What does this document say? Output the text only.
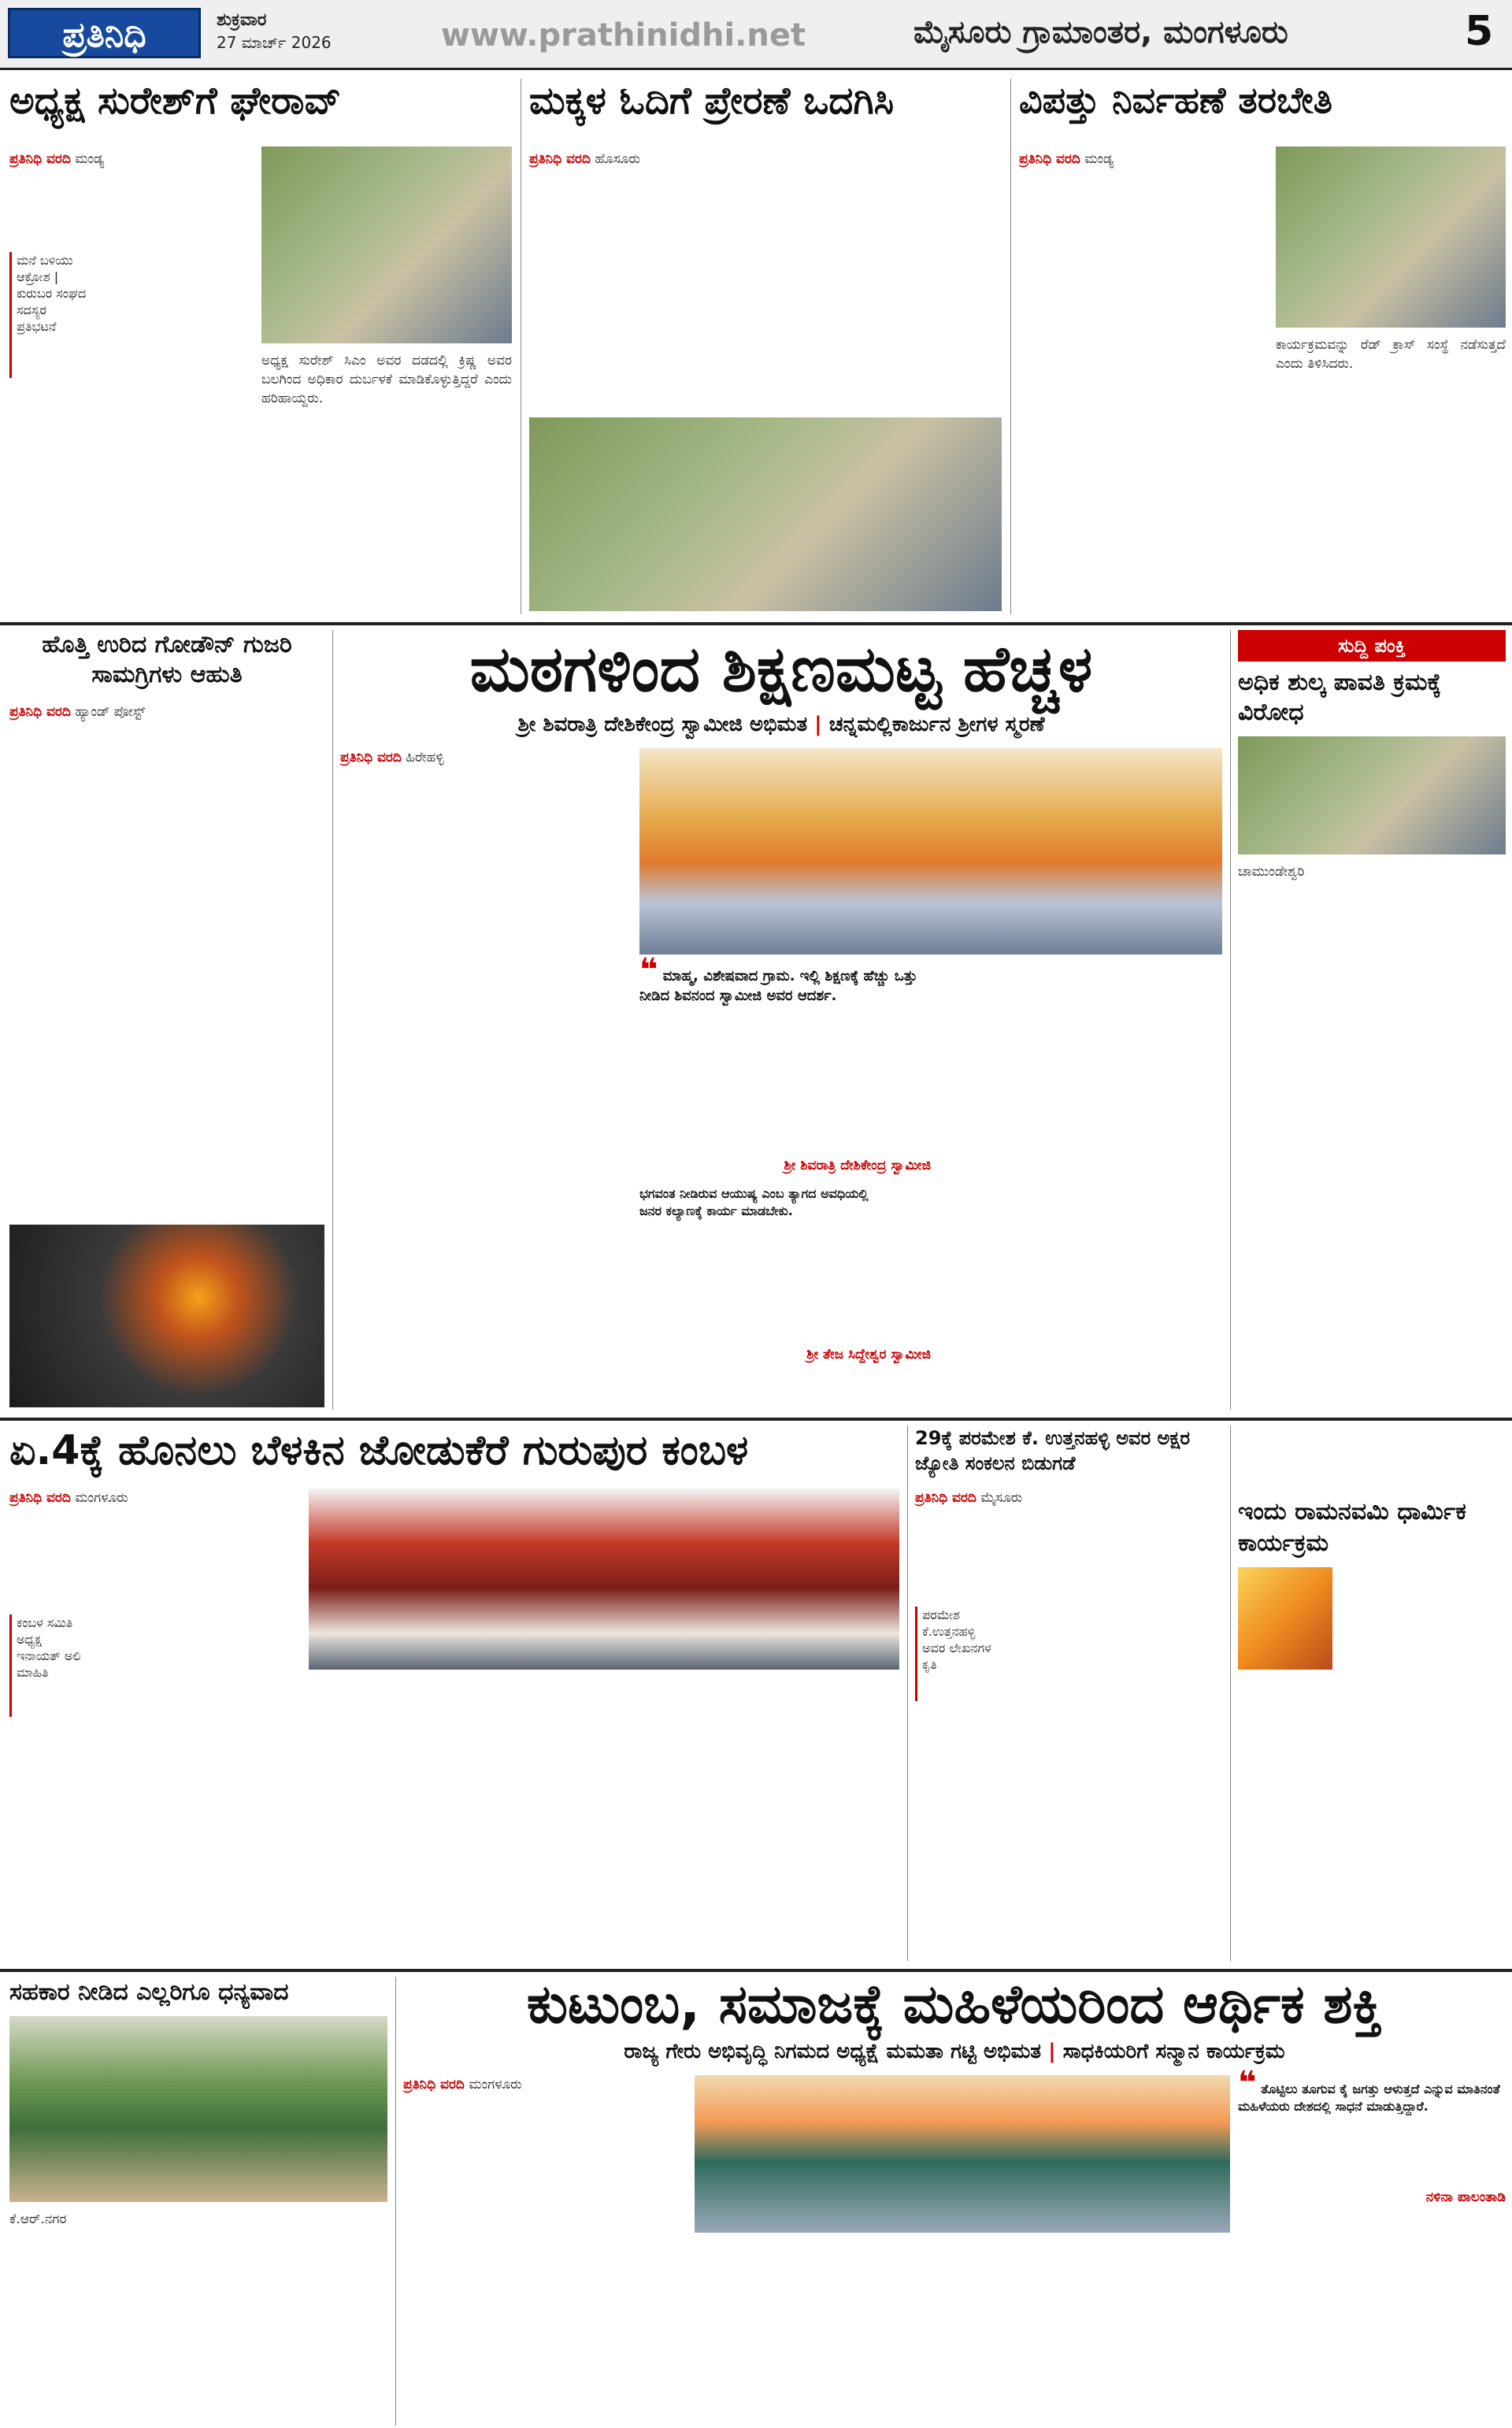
ಪ್ರತಿನಿಧಿ	ಶುಕ್ರವಾರ
27 ಮಾರ್ಚ್ 2026	www.prathinidhi.net	ಮೈಸೂರು ಗ್ರಾಮಾಂತರ, ಮಂಗಳೂರು	5
ಅಧ್ಯಕ್ಷ ಸುರೇಶ್‌ಗೆ ಘೇರಾವ್
ಪ್ರತಿನಿಧಿ ವರದಿ ಮಂಡ್ಯ
ಮನೆ ಬಳಿಯು ಆಕ್ರೋಶ | ಕುರುಬರ ಸಂಘದ ಸದಸ್ಯರ ಪ್ರತಿಭಟನೆ
ಅಧ್ಯಕ್ಷ ಸುರೇಶ್ ಸಿಎಂ ಅವರ ದಡದಲ್ಲಿ ಕ್ರಿಷ್ಣ ಅವರ ಬಲಗಿಂದ ಅಧಿಕಾರ ದುರ್ಬಳಕೆ ಮಾಡಿಕೊಳ್ಳುತ್ತಿದ್ದರೆ ಎಂದು ಹರಿಹಾಯ್ದರು.
ಮಕ್ಕಳ ಓದಿಗೆ ಪ್ರೇರಣೆ ಒದಗಿಸಿ
ಪ್ರತಿನಿಧಿ ವರದಿ ಹೊಸೂರು
ವಿಪತ್ತು ನಿರ್ವಹಣೆ ತರಬೇತಿ
ಪ್ರತಿನಿಧಿ ವರದಿ ಮಂಡ್ಯ
ಕಾರ್ಯಕ್ರಮವನ್ನು ರೆಡ್ ಕ್ರಾಸ್ ಸಂಸ್ಥೆ ನಡೆಸುತ್ತದೆ ಎಂದು ತಿಳಿಸಿದರು.
ಹೊತ್ತಿ ಉರಿದ ಗೋಡೌನ್ ಗುಜರಿ ಸಾಮಗ್ರಿಗಳು ಆಹುತಿ
ಪ್ರತಿನಿಧಿ ವರದಿ ಹ್ಯಾಂಡ್ ಪೋಸ್ಟ್
ಮಠಗಳಿಂದ ಶಿಕ್ಷಣಮಟ್ಟ ಹೆಚ್ಚಳ
ಶ್ರೀ ಶಿವರಾತ್ರಿ ದೇಶಿಕೇಂದ್ರ ಸ್ವಾಮೀಜಿ ಅಭಿಮತ | ಚನ್ನಮಲ್ಲಿಕಾರ್ಜುನ ಶ್ರೀಗಳ ಸ್ಮರಣೆ
ಪ್ರತಿನಿಧಿ ವರದಿ ಹಿರೇಹಳ್ಳಿ
❝ ಮಾಹ್ಮ, ವಿಶೇಷವಾದ ಗ್ರಾಮ. ಇಲ್ಲಿ ಶಿಕ್ಷಣಕ್ಕೆ ಹೆಚ್ಚು ಒತ್ತು ನೀಡಿದ ಶಿವನಂದ ಸ್ವಾಮೀಜಿ ಅವರ ಆದರ್ಶ.
ಶ್ರೀ ಶಿವರಾತ್ರಿ ದೇಶಿಕೇಂದ್ರ ಸ್ವಾಮೀಜಿ
ಭಗವಂತ ನೀಡಿರುವ ಆಯುಷ್ಯ ಎಂಬ ತ್ಯಾಗದ ಅವಧಿಯಲ್ಲಿ ಜನರ ಕಲ್ಯಾಣಕ್ಕೆ ಕಾರ್ಯ ಮಾಡಬೇಕು.
ಶ್ರೀ ತೇಜ ಸಿದ್ದೇಶ್ವರ ಸ್ವಾಮೀಜಿ
ಸುದ್ದಿ ಪಂಕ್ತಿ
ಅಧಿಕ ಶುಲ್ಕ ಪಾವತಿ ಕ್ರಮಕ್ಕೆ ವಿರೋಧ
ಚಾಮುಂಡೇಶ್ವರಿ
ಏ.4ಕ್ಕೆ ಹೊನಲು ಬೆಳಕಿನ ಜೋಡುಕೆರೆ ಗುರುಪುರ ಕಂಬಳ
ಪ್ರತಿನಿಧಿ ವರದಿ ಮಂಗಳೂರು
ಕಂಬಳ ಸಮಿತಿ ಅಧ್ಯಕ್ಷ ಇನಾಯತ್ ಅಲಿ ಮಾಹಿತಿ
29ಕ್ಕೆ ಪರಮೇಶ ಕೆ. ಉತ್ತನಹಳ್ಳಿ ಅವರ ಅಕ್ಷರ ಜ್ಯೋತಿ ಸಂಕಲನ ಬಿಡುಗಡೆ
ಪ್ರತಿನಿಧಿ ವರದಿ ಮೈಸೂರು
ಪರಮೇಶ ಕೆ.ಉತ್ತನಹಳ್ಳಿ ಅವರ ಲೇಖನಗಳ ಕೃತಿ
ಇಂದು ರಾಮನವಮಿ ಧಾರ್ಮಿಕ ಕಾರ್ಯಕ್ರಮ
ಸಹಕಾರ ನೀಡಿದ ಎಲ್ಲರಿಗೂ ಧನ್ಯವಾದ
ಕೆ.ಆರ್.ನಗರ
ಕುಟುಂಬ, ಸಮಾಜಕ್ಕೆ ಮಹಿಳೆಯರಿಂದ ಆರ್ಥಿಕ ಶಕ್ತಿ
ರಾಜ್ಯ ಗೇರು ಅಭಿವೃದ್ಧಿ ನಿಗಮದ ಅಧ್ಯಕ್ಷೆ ಮಮತಾ ಗಟ್ಟಿ ಅಭಿಮತ | ಸಾಧಕಿಯರಿಗೆ ಸನ್ಮಾನ ಕಾರ್ಯಕ್ರಮ
ಪ್ರತಿನಿಧಿ ವರದಿ ಮಂಗಳೂರು	❝ ತೊಟ್ಟಿಲು ತೂಗುವ ಕೈ ಜಗತ್ತು ಆಳುತ್ತದೆ ಎನ್ನುವ ಮಾತಿನಂತೆ ಮಹಿಳೆಯರು ದೇಶದಲ್ಲಿ ಸಾಧನೆ ಮಾಡುತ್ತಿದ್ದಾರೆ.
ನಳಿನಾ ಪಾಲಂತಾಡಿ
